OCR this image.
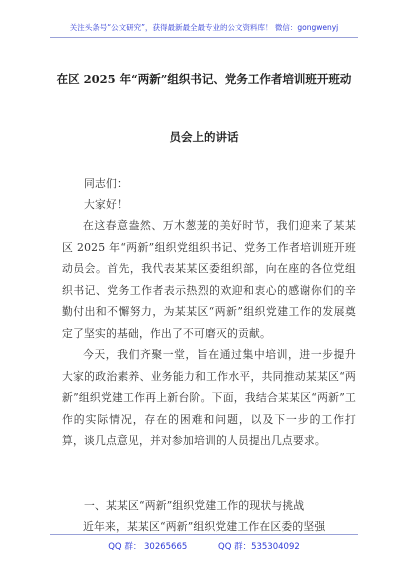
关注头条号“公文研究”，获得最新最全最专业的公文资料库！ 微信：gongwenyj
在区 2025 年“两新”组织书记、党务工作者培训班开班动
员会上的讲话
同志们：
大家好！
在这春意盎然、万木葱茏的美好时节，我们迎来了某某区 2025 年“两新”组织党组织书记、党务工作者培训班开班动员会。首先，我代表某某区委组织部，向在座的各位党组织书记、党务工作者表示热烈的欢迎和衷心的感谢你们的辛勤付出和不懈努力，为某某区“两新”组织党建工作的发展奠定了坚实的基础，作出了不可磨灭的贡献。
今天，我们齐聚一堂，旨在通过集中培训，进一步提升大家的政治素养、业务能力和工作水平，共同推动某某区“两新”组织党建工作再上新台阶。下面，我结合某某区“两新”工作的实际情况，存在的困难和问题，以及下一步的工作打算，谈几点意见，并对参加培训的人员提出几点要求。
一、某某区“两新”组织党建工作的现状与挑战
近年来，某某区“两新”组织党建工作在区委的坚强
QQ 群： 30265665	QQ 群：535304092
